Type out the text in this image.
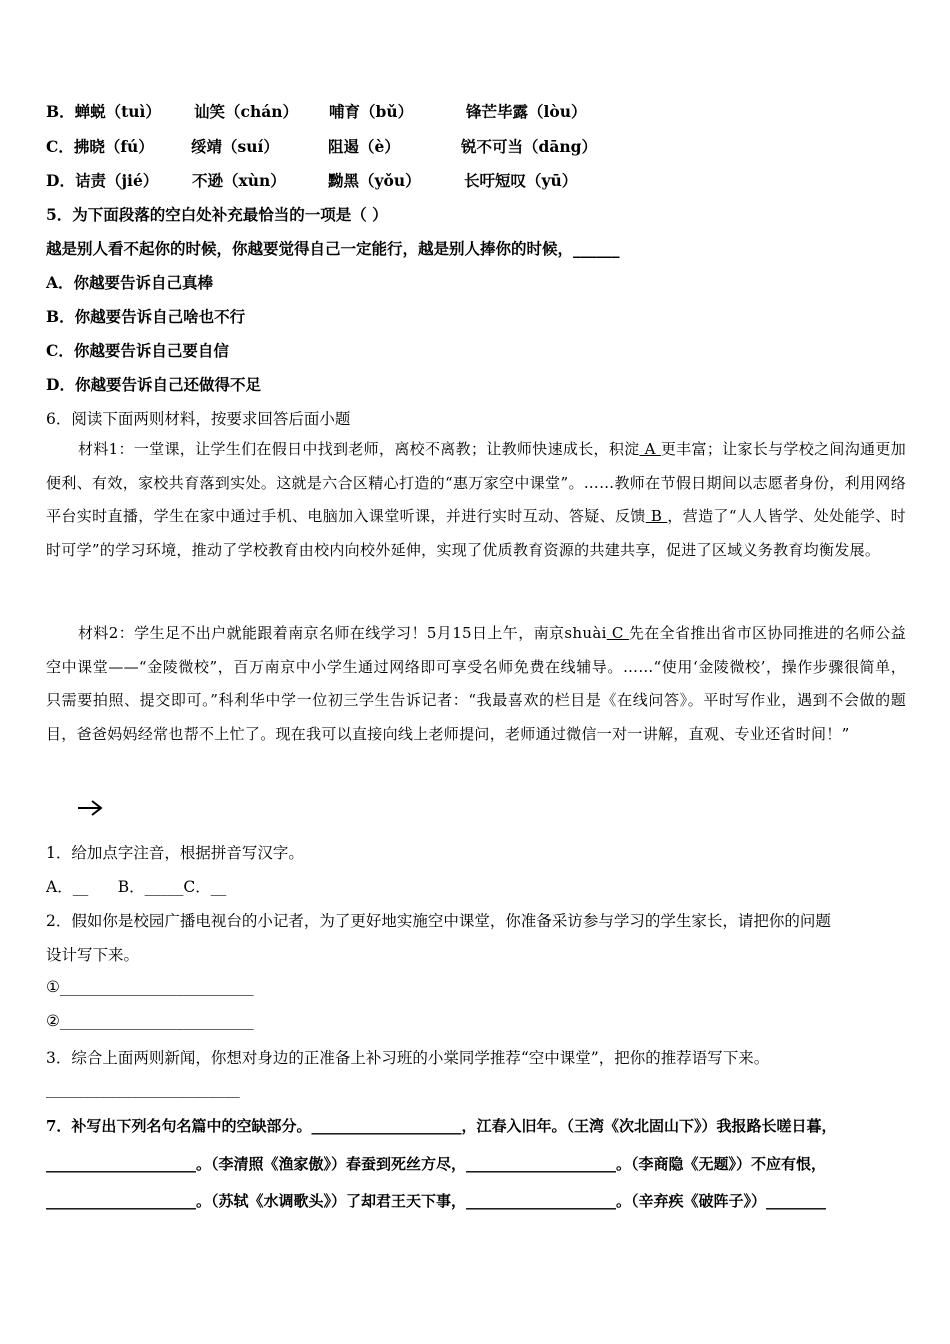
B．蝉蜕（tuì） 讪笑（chán） 哺育（bǔ）	锋芒毕露（lòu）
C．拂晓（fú） 绥靖（suí）	阻遏（è）	锐不可当（dāng）
D．诘责（jié） 不逊（xùn）	黝黑（yǒu）	长吁短叹（yū）
5．为下面段落的空白处补充最恰当的一项是（ ）
越是别人看不起你的时候，你越要觉得自己一定能行，越是别人捧你的时候，______
A．你越要告诉自己真棒
B．你越要告诉自己啥也不行
C．你越要告诉自己要自信
D．你越要告诉自己还做得不足
6．阅读下面两则材料，按要求回答后面小题
材料1：一堂课，让学生们在假日中找到老师，离校不离教；让教师快速成长，积淀 A 更丰富；让家长与学校之间沟通更加便利、有效，家校共育落到实处。这就是六合区精心打造的“惠万家空中课堂”。……教师在节假日期间以志愿者身份，利用网络平台实时直播，学生在家中通过手机、电脑加入课堂听课，并进行实时互动、答疑、反馈 B ，营造了“人人皆学、处处能学、时时可学”的学习环境，推动了学校教育由校内向校外延伸，实现了优质教育资源的共建共享，促进了区域义务教育均衡发展。
材料2：学生足不出户就能跟着南京名师在线学习！5月15日上午，南京shuài C 先在全省推出省市区协同推进的名师公益空中课堂——“金陵微校”，百万南京中小学生通过网络即可享受名师免费在线辅导。……“使用‘金陵微校’，操作步骤很简单，只需要拍照、提交即可。”科利华中学一位初三学生告诉记者：“我最喜欢的栏目是《在线问答》。平时写作业，遇到不会做的题目，爸爸妈妈经常也帮不上忙了。现在我可以直接向线上老师提问，老师通过微信一对一讲解，直观、专业还省时间！”
1．给加点字注音，根据拼音写汉字。
A．__      B．_____C．__
2．假如你是校园广播电视台的小记者，为了更好地实施空中课堂，你准备采访参与学习的学生家长，请把你的问题
设计写下来。
①_________________________
②_________________________
3．综合上面两则新闻，你想对身边的正准备上补习班的小棠同学推荐“空中课堂”，把你的推荐语写下来。
_________________________
7．补写出下列名句名篇中的空缺部分。____________________，江春入旧年。（王湾《次北固山下》）我报路长嗟日暮，
____________________。（李清照《渔家傲》）春蚕到死丝方尽，____________________。（李商隐《无题》）不应有恨，
____________________。（苏轼《水调歌头》）了却君王天下事，____________________。（辛弃疾《破阵子》）________
